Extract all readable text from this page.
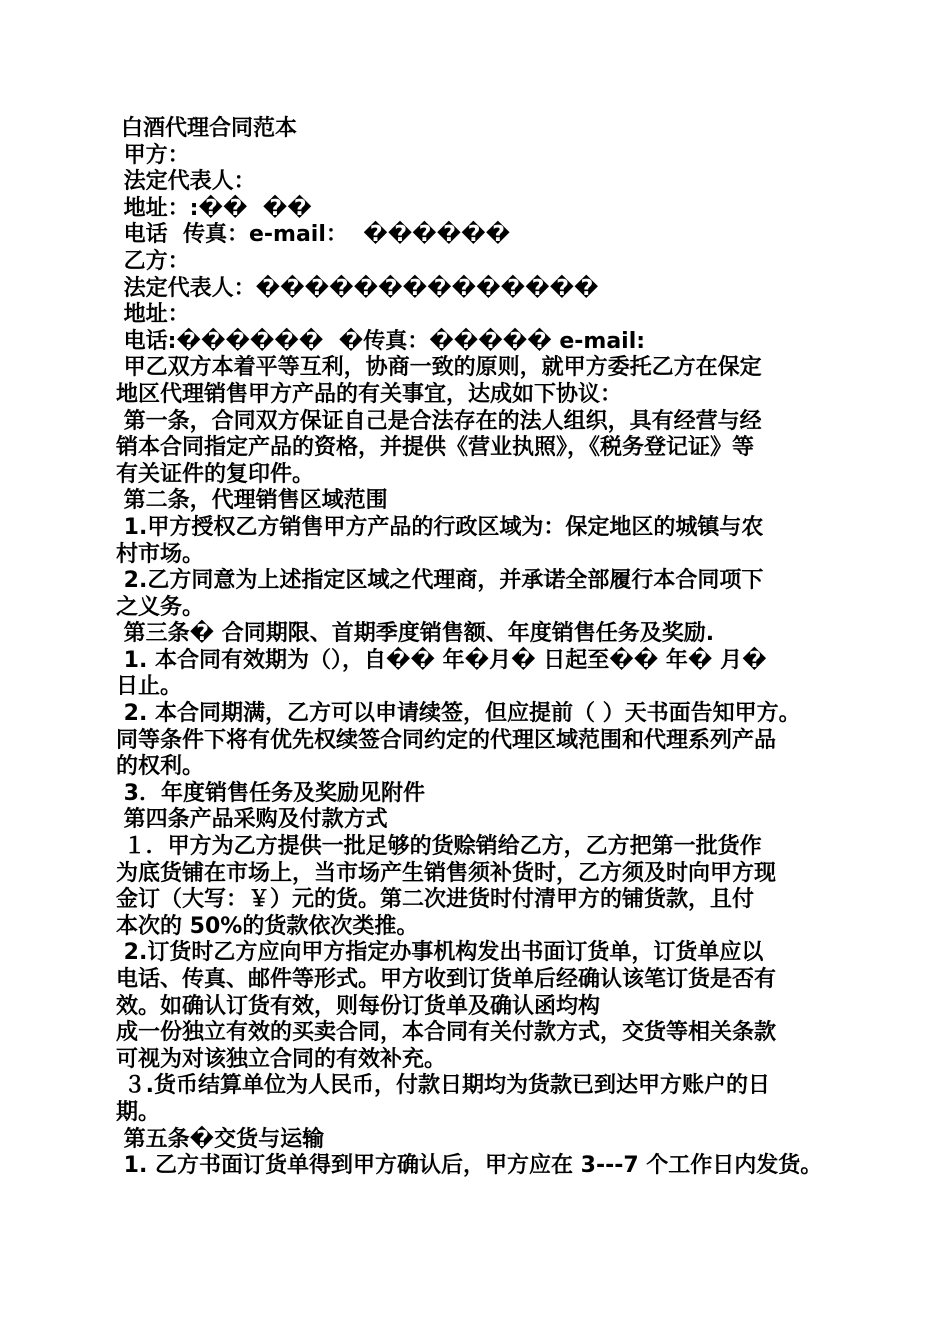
白酒代理合同范本
甲方：
法定代表人：
地址：:��  ��
电话  传真：e-mail：  ������
乙方：
法定代表人：��������������
地址：
电话:������  �传真：����� e-mail:
甲乙双方本着平等互利，协商一致的原则，就甲方委托乙方在保定
地区代理销售甲方产品的有关事宜，达成如下协议：
第一条，合同双方保证自己是合法存在的法人组织，具有经营与经
销本合同指定产品的资格，并提供《营业执照》，《税务登记证》等
有关证件的复印件。
第二条，代理销售区域范围
1.甲方授权乙方销售甲方产品的行政区域为：保定地区的城镇与农
村市场。
2.乙方同意为上述指定区域之代理商，并承诺全部履行本合同项下
之义务。
第三条� 合同期限、首期季度销售额、年度销售任务及奖励.
1. 本合同有效期为（），自�� 年�月� 日起至�� 年� 月�
日止。
2. 本合同期满，乙方可以申请续签，但应提前（ ）天书面告知甲方。
同等条件下将有优先权续签合同约定的代理区域范围和代理系列产品
的权利。
3．年度销售任务及奖励见附件
第四条产品采购及付款方式
１．甲方为乙方提供一批足够的货赊销给乙方，乙方把第一批货作
为底货铺在市场上，当市场产生销售须补货时，乙方须及时向甲方现
金订（大写：￥）元的货。第二次进货时付清甲方的铺货款，且付
本次的 50%的货款依次类推。
2.订货时乙方应向甲方指定办事机构发出书面订货单，订货单应以
电话、传真、邮件等形式。甲方收到订货单后经确认该笔订货是否有
效。如确认订货有效，则每份订货单及确认函均构
成一份独立有效的买卖合同，本合同有关付款方式，交货等相关条款
可视为对该独立合同的有效补充。
３.货币结算单位为人民币，付款日期均为货款已到达甲方账户的日
期。
第五条�交货与运输
1. 乙方书面订货单得到甲方确认后，甲方应在 3---7 个工作日内发货。
